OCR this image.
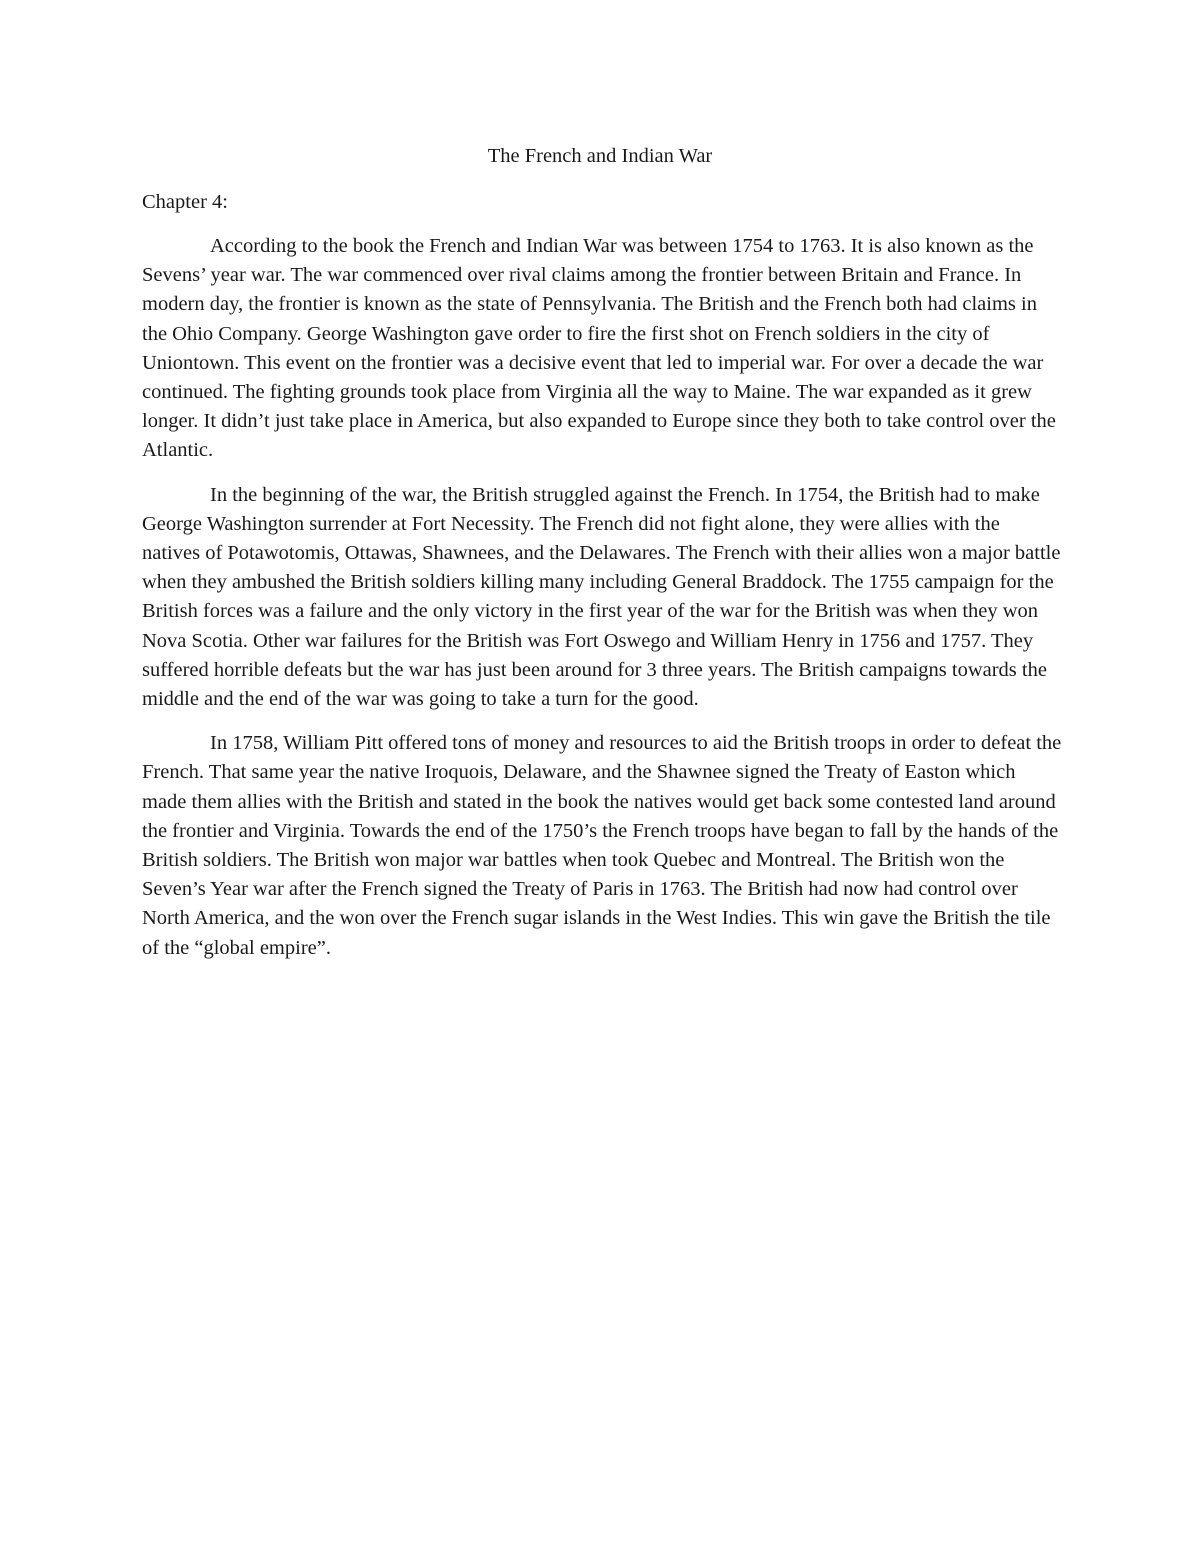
The French and Indian War
Chapter 4:

According to the book the French and Indian War was between 1754 to 1763. It is also known as the Sevens’ year war. The war commenced over rival claims among the frontier between Britain and France. In modern day, the frontier is known as the state of Pennsylvania. The British and the French both had claims in the Ohio Company. George Washington gave order to fire the first shot on French soldiers in the city of Uniontown. This event on the frontier was a decisive event that led to imperial war. For over a decade the war continued. The fighting grounds took place from Virginia all the way to Maine. The war expanded as it grew longer. It didn’t just take place in America, but also expanded to Europe since they both to take control over the Atlantic.

In the beginning of the war, the British struggled against the French. In 1754, the British had to make George Washington surrender at Fort Necessity. The French did not fight alone, they were allies with the natives of Potawotomis, Ottawas, Shawnees, and the Delawares. The French with their allies won a major battle when they ambushed the British soldiers killing many including General Braddock. The 1755 campaign for the British forces was a failure and the only victory in the first year of the war for the British was when they won Nova Scotia. Other war failures for the British was Fort Oswego and William Henry in 1756 and 1757. They suffered horrible defeats but the war has just been around for 3 three years. The British campaigns towards the middle and the end of the war was going to take a turn for the good.

In 1758, William Pitt offered tons of money and resources to aid the British troops in order to defeat the French. That same year the native Iroquois, Delaware, and the Shawnee signed the Treaty of Easton which made them allies with the British and stated in the book the natives would get back some contested land around the frontier and Virginia. Towards the end of the 1750’s the French troops have began to fall by the hands of the British soldiers. The British won major war battles when took Quebec and Montreal. The British won the Seven’s Year war after the French signed the Treaty of Paris in 1763. The British had now had control over North America, and the won over the French sugar islands in the West Indies. This win gave the British the tile of the “global empire”.
